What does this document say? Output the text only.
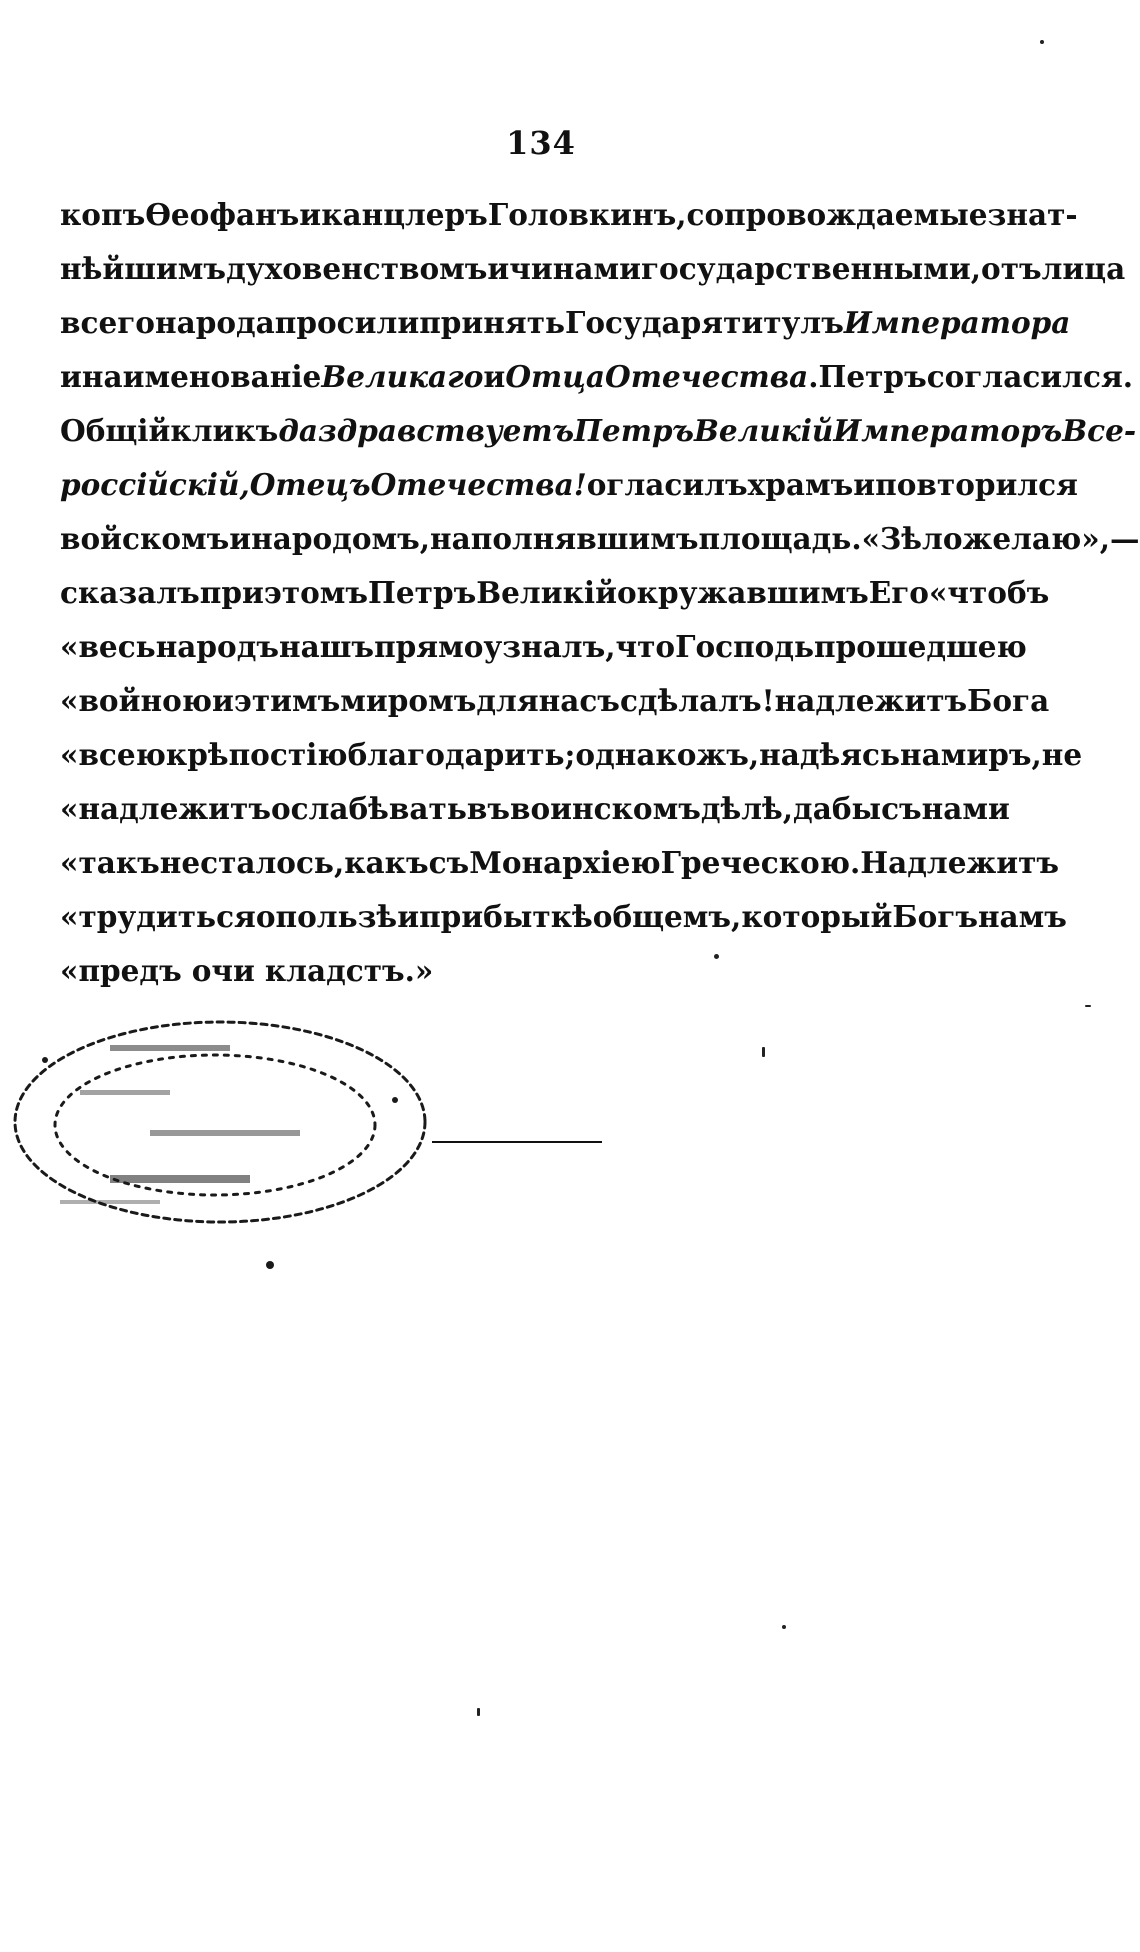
134
копъ Ѳеофанъ и канцлеръ Головкинъ, сопровождаемые знат-
нѣйшимъ духовенствомъ и чинами государственными, отъ лица
всего народа просили принять Государя титулъ Императора
и наименованіе Великаго и Отца Отечества. Петръ согласился.
Общій кликъ да здравствуетъ Петръ Великій Императоръ Все-
россійскій, Отецъ Отечества! огласилъ храмъ и повторился
войскомъ и народомъ, наполнявшимъ площадь. «Зѣло желаю», —
сказалъ при этомъ Петръ Великій окружавшимъ Его «чтобъ
«весь народъ нашъ прямо узналъ, что Господь прошедшею
«войною и этимъ миромъ для насъ сдѣлалъ! надлежитъ Бога
«всею крѣпостію благодарить; однакожъ, надѣясь на миръ, не
«надлежитъ ослабѣвать въ воинскомъ дѣлѣ, дабы съ нами
«такъ не сталось, какъ съ Монархіею Греческою. Надлежитъ
«трудиться о пользѣ и прибыткѣ общемъ, который Богъ намъ
«предъ очи кладстъ.»
